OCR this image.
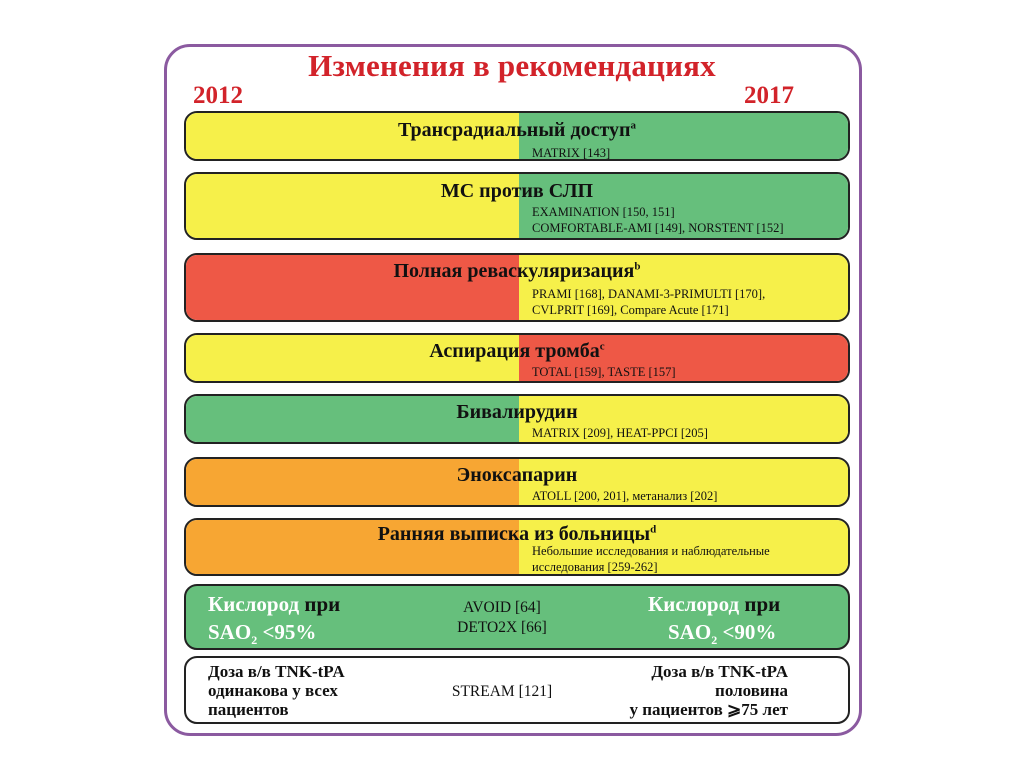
Изменения в рекомендациях
2012	2017
Трансрадиальный доступ$^a$
MATRIX [143]
МС против СЛП
EXAMINATION [150, 151]
COMFORTABLE-AMI [149], NORSTENT [152]
Полная реваскуляризация$^b$
PRAMI [168], DANAMI-3-PRIMULTI [170],
CVLPRIT [169], Compare Acute [171]
Аспирация тромба$^c$
TOTAL [159], TASTE [157]
Бивалирудин
MATRIX [209], HEAT-PPCI [205]
Эноксапарин
ATOLL [200, 201], метанализ [202]
Ранняя выписка из больницы$^d$
Небольшие исследования и наблюдательные
исследования [259-262]
Кислород при
$SAO_2 <95\%$
AVOID [64]
DETO2X [66]
Кислород при
$SAO_2 <90\%$
Доза в/в TNK-tPA
одинакова у всех
пациентов
STREAM [121]
Доза в/в TNK-tPA
половина
у пациентов ⩾75 лет
